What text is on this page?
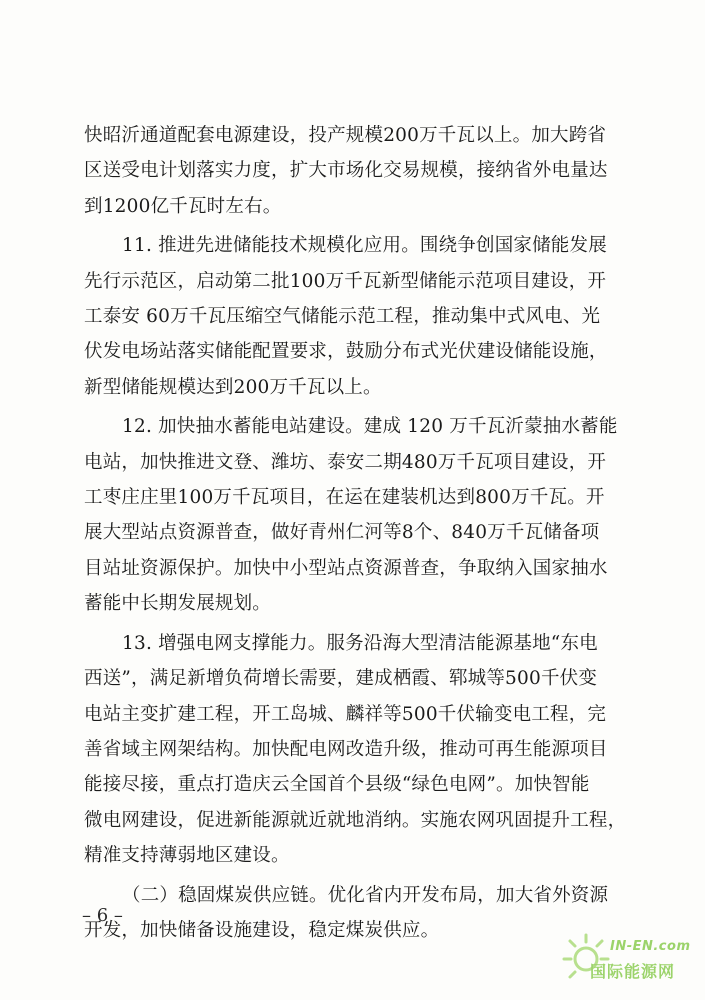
快昭沂通道配套电源建设，投产规模200万千瓦以上。加大跨省
区送受电计划落实力度，扩大市场化交易规模，接纳省外电量达
到1200亿千瓦时左右。
11. 推进先进储能技术规模化应用。围绕争创国家储能发展
先行示范区，启动第二批100万千瓦新型储能示范项目建设，开
工泰安 60万千瓦压缩空气储能示范工程，推动集中式风电、光
伏发电场站落实储能配置要求，鼓励分布式光伏建设储能设施，
新型储能规模达到200万千瓦以上。
12. 加快抽水蓄能电站建设。建成 120 万千瓦沂蒙抽水蓄能
电站，加快推进文登、潍坊、泰安二期480万千瓦项目建设，开
工枣庄庄里100万千瓦项目，在运在建装机达到800万千瓦。开
展大型站点资源普查，做好青州仁河等8个、840万千瓦储备项
目站址资源保护。加快中小型站点资源普查，争取纳入国家抽水
蓄能中长期发展规划。
13. 增强电网支撑能力。服务沿海大型清洁能源基地“东电
西送”，满足新增负荷增长需要，建成栖霞、郓城等500千伏变
电站主变扩建工程，开工岛城、麟祥等500千伏输变电工程，完
善省域主网架结构。加快配电网改造升级，推动可再生能源项目
能接尽接，重点打造庆云全国首个县级“绿色电网”。加快智能
微电网建设，促进新能源就近就地消纳。实施农网巩固提升工程，
精准支持薄弱地区建设。
（二）稳固煤炭供应链。优化省内开发布局，加大省外资源
开发，加快储备设施建设，稳定煤炭供应。
– 6 –
IN-EN.com
国际能源网
